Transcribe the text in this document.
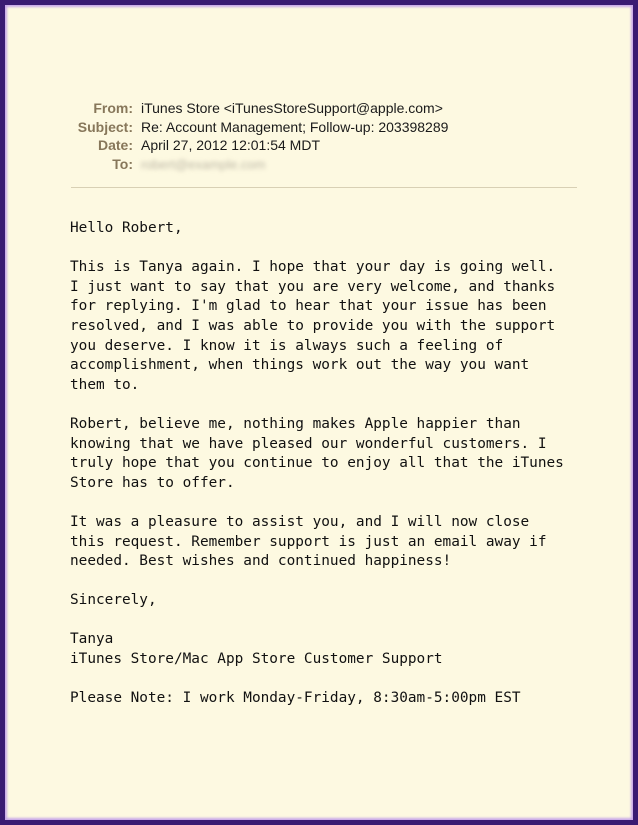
From: iTunes Store <iTunesStoreSupport@apple.com>
Subject: Re: Account Management; Follow-up: 203398289
Date: April 27, 2012 12:01:54 MDT
To: robert@example.com

Hello Robert,

This is Tanya again. I hope that your day is going well.
I just want to say that you are very welcome, and thanks
for replying. I'm glad to hear that your issue has been
resolved, and I was able to provide you with the support
you deserve. I know it is always such a feeling of
accomplishment, when things work out the way you want
them to.

Robert, believe me, nothing makes Apple happier than
knowing that we have pleased our wonderful customers. I
truly hope that you continue to enjoy all that the iTunes
Store has to offer.

It was a pleasure to assist you, and I will now close
this request. Remember support is just an email away if
needed. Best wishes and continued happiness!

Sincerely,

Tanya
iTunes Store/Mac App Store Customer Support

Please Note: I work Monday-Friday, 8:30am-5:00pm EST
